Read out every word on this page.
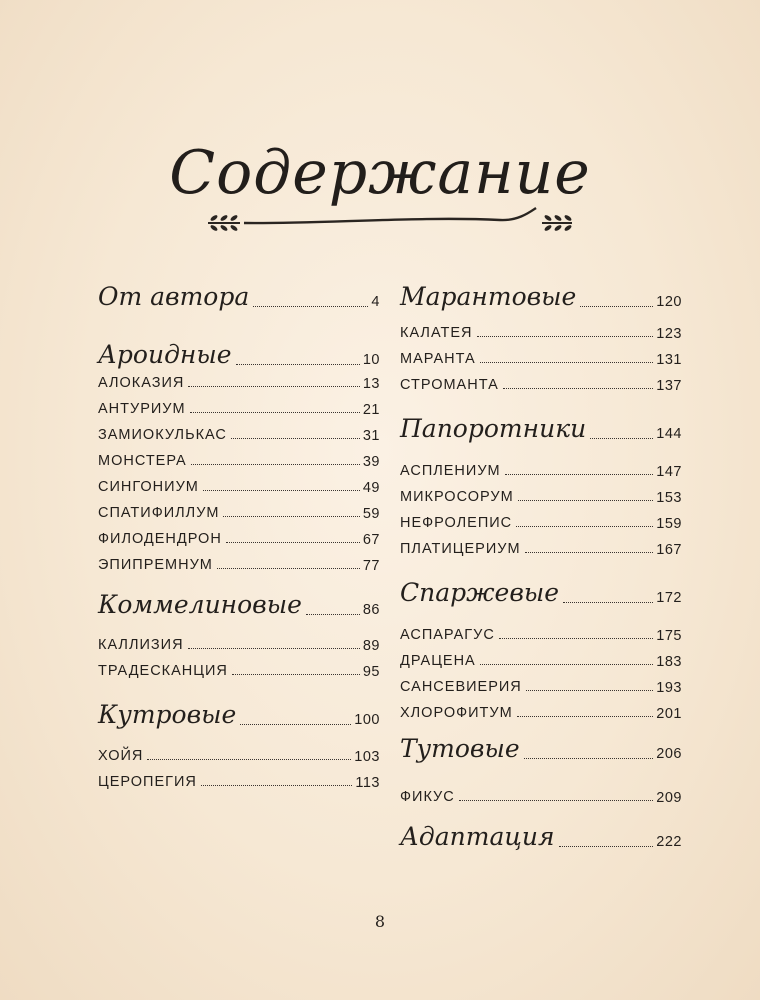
Содержание
От автора	4
Ароидные	10
АЛОКАЗИЯ	13
АНТУРИУМ	21
ЗАМИОКУЛЬКАС	31
МОНСТЕРА	39
СИНГОНИУМ	49
СПАТИФИЛЛУМ	59
ФИЛОДЕНДРОН	67
ЭПИПРЕМНУМ	77
Коммелиновые	86
КАЛЛИЗИЯ	89
ТРАДЕСКАНЦИЯ	95
Кутровые	100
ХОЙЯ	103
ЦЕРОПЕГИЯ	113
Марантовые	120
КАЛАТЕЯ	123
МАРАНТА	131
СТРОМАНТА	137
Папоротники	144
АСПЛЕНИУМ	147
МИКРОСОРУМ	153
НЕФРОЛЕПИС	159
ПЛАТИЦЕРИУМ	167
Спаржевые	172
АСПАРАГУС	175
ДРАЦЕНА	183
САНСЕВИЕРИЯ	193
ХЛОРОФИТУМ	201
Тутовые	206
ФИКУС	209
Адаптация	222
8
